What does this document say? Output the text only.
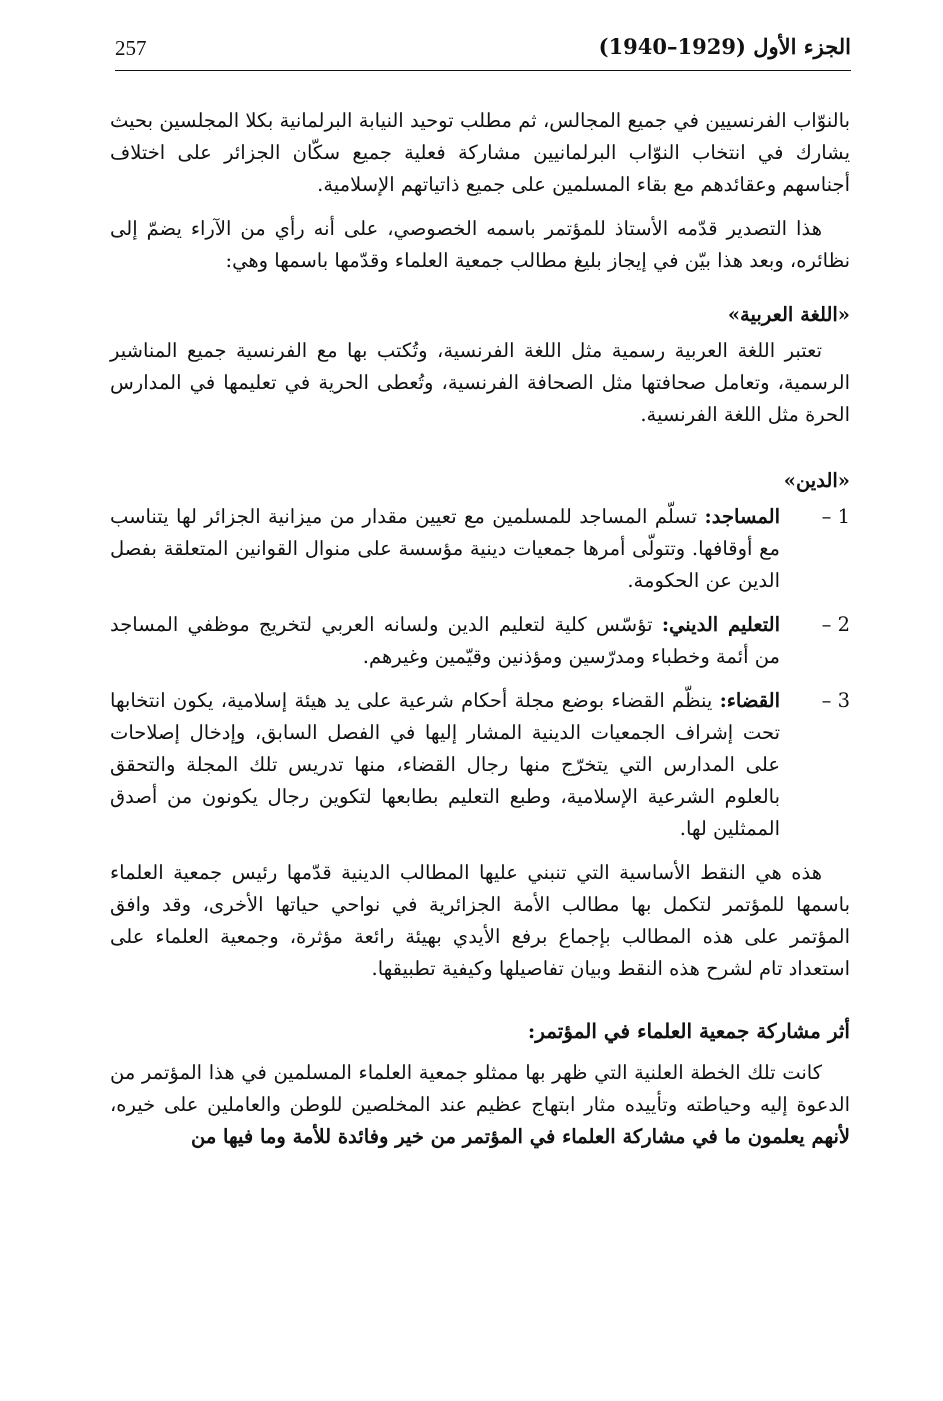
257	الجزء الأول (1929–1940)

بالنوّاب الفرنسيين في جميع المجالس، ثم مطلب توحيد النيابة البرلمانية بكلا المجلسين بحيث يشارك في انتخاب النوّاب البرلمانيين مشاركة فعلية جميع سكّان الجزائر على اختلاف أجناسهم وعقائدهم مع بقاء المسلمين على جميع ذاتياتهم الإسلامية.

هذا التصدير قدّمه الأستاذ للمؤتمر باسمه الخصوصي، على أنه رأي من الآراء يضمّ إلى نظائره، وبعد هذا بيّن في إيجاز بليغ مطالب جمعية العلماء وقدّمها باسمها وهي:

«اللغة العربية»

تعتبر اللغة العربية رسمية مثل اللغة الفرنسية، وتُكتب بها مع الفرنسية جميع المناشير الرسمية، وتعامل صحافتها مثل الصحافة الفرنسية، وتُعطى الحرية في تعليمها في المدارس الحرة مثل اللغة الفرنسية.

«الدين»
1 –
المساجد: تسلّم المساجد للمسلمين مع تعيين مقدار من ميزانية الجزائر لها يتناسب مع أوقافها. وتتولّى أمرها جمعيات دينية مؤسسة على منوال القوانين المتعلقة بفصل الدين عن الحكومة.
2 –
التعليم الديني: تؤسّس كلية لتعليم الدين ولسانه العربي لتخريج موظفي المساجد من أئمة وخطباء ومدرّسين ومؤذنين وقيّمين وغيرهم.
3 –
القضاء: ينظّم القضاء بوضع مجلة أحكام شرعية على يد هيئة إسلامية، يكون انتخابها تحت إشراف الجمعيات الدينية المشار إليها في الفصل السابق، وإدخال إصلاحات على المدارس التي يتخرّج منها رجال القضاء، منها تدريس تلك المجلة والتحقق بالعلوم الشرعية الإسلامية، وطبع التعليم بطابعها لتكوين رجال يكونون من أصدق الممثلين لها.

هذه هي النقط الأساسية التي تنبني عليها المطالب الدينية قدّمها رئيس جمعية العلماء باسمها للمؤتمر لتكمل بها مطالب الأمة الجزائرية في نواحي حياتها الأخرى، وقد وافق المؤتمر على هذه المطالب بإجماع برفع الأيدي بهيئة رائعة مؤثرة، وجمعية العلماء على استعداد تام لشرح هذه النقط وبيان تفاصيلها وكيفية تطبيقها.

أثر مشاركة جمعية العلماء في المؤتمر:

كانت تلك الخطة العلنية التي ظهر بها ممثلو جمعية العلماء المسلمين في هذا المؤتمر من الدعوة إليه وحياطته وتأييده مثار ابتهاج عظيم عند المخلصين للوطن والعاملين على خيره، لأنهم يعلمون ما في مشاركة العلماء في المؤتمر من خير وفائدة للأمة وما فيها من
